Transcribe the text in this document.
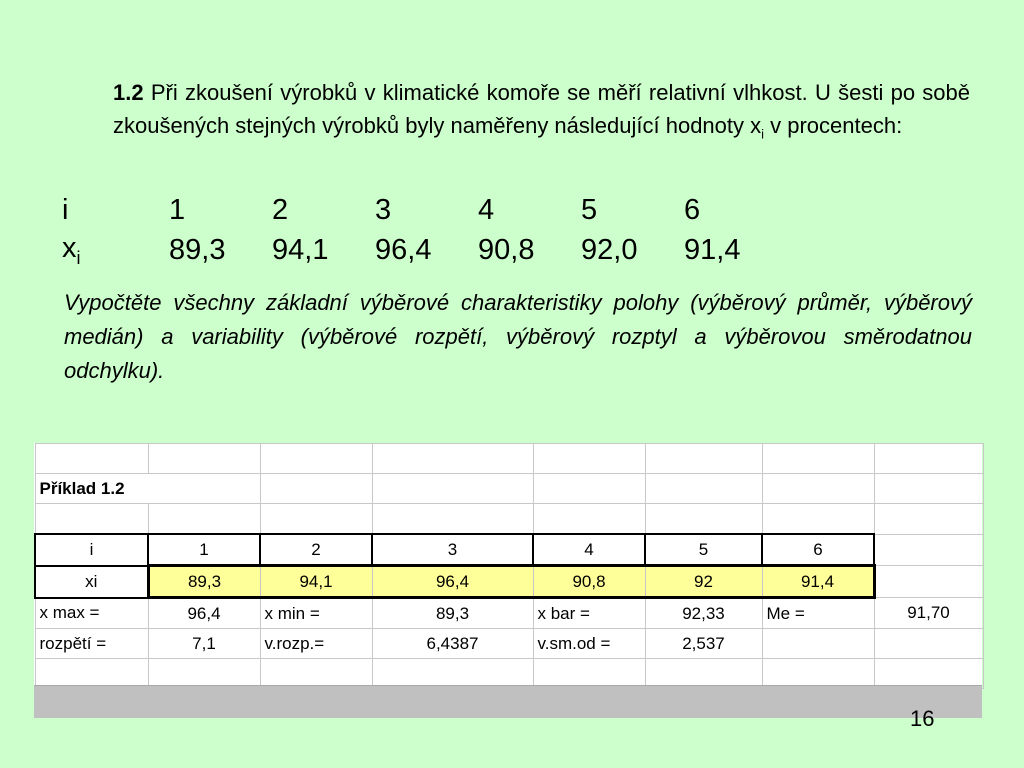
1.2 Při zkoušení výrobků v klimatické komoře se měří relativní vlhkost. U šesti po sobě zkoušených stejných výrobků byly naměřeny následující hodnoty $x_i$ v procentech:
i	1	2	3	4	5	6
$x_i$	89,3	94,1	96,4	90,8	92,0	91,4
Vypočtěte všechny základní výběrové charakteristiky polohy (výběrový průměr, výběrový medián) a variability (výběrové rozpětí, výběrový rozptyl a výběrovou směrodatnou odchylku).

Příklad 1.2							

i	1	2	3	4	5	6	
xi	89,3	94,1	96,4	90,8	92	91,4	
x max =	96,4	x min =	89,3	x bar =	92,33	Me =	91,70
rozpětí =	7,1	v.rozp.=	6,4387	v.sm.od =	2,537		

16
